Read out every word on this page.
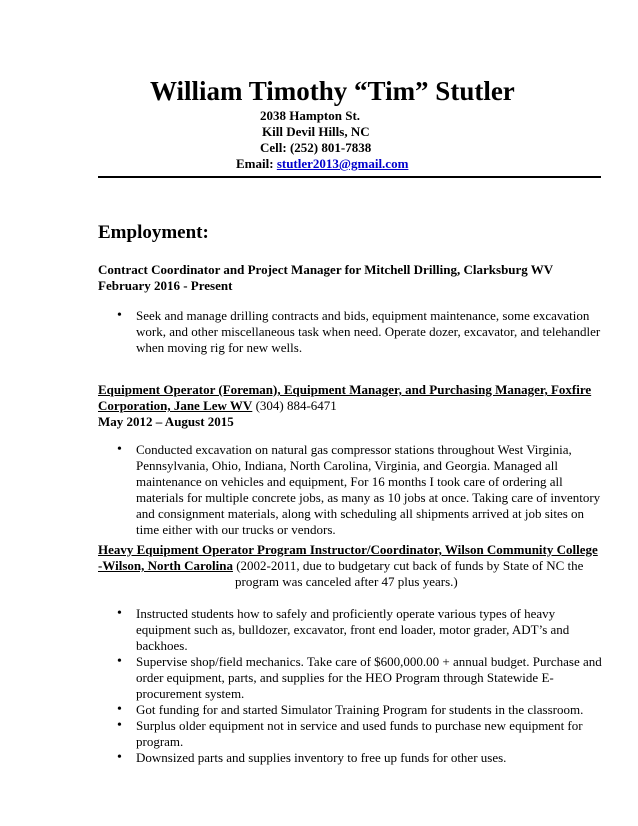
William Timothy “Tim” Stutler
2038 Hampton St.
Kill Devil Hills, NC
Cell: (252) 801-7838
Email: stutler2013@gmail.com
Employment:
Contract Coordinator and Project Manager for Mitchell Drilling, Clarksburg WV
February 2016 - Present
• Seek and manage drilling contracts and bids, equipment maintenance, some excavation work, and other miscellaneous task when need. Operate dozer, excavator, and telehandler when moving rig for new wells.
Equipment Operator (Foreman), Equipment Manager, and Purchasing Manager, Foxfire
Corporation, Jane Lew WV (304) 884-6471
May 2012 – August 2015
• Conducted excavation on natural gas compressor stations throughout West Virginia, Pennsylvania, Ohio, Indiana, North Carolina, Virginia, and Georgia. Managed all maintenance on vehicles and equipment, For 16 months I took care of ordering all materials for multiple concrete jobs, as many as 10 jobs at once. Taking care of inventory and consignment materials, along with scheduling all shipments arrived at job sites on time either with our trucks or vendors.
Heavy Equipment Operator Program Instructor/Coordinator, Wilson Community College
-Wilson, North Carolina (2002-2011, due to budgetary cut back of funds by State of NC the
program was canceled after 47 plus years.)
• Instructed students how to safely and proficiently operate various types of heavy equipment such as, bulldozer, excavator, front end loader, motor grader, ADT’s and backhoes.
• Supervise shop/field mechanics. Take care of $600,000.00 + annual budget. Purchase and order equipment, parts, and supplies for the HEO Program through Statewide E-procurement system.
• Got funding for and started Simulator Training Program for students in the classroom.
• Surplus older equipment not in service and used funds to purchase new equipment for program.
• Downsized parts and supplies inventory to free up funds for other uses.
